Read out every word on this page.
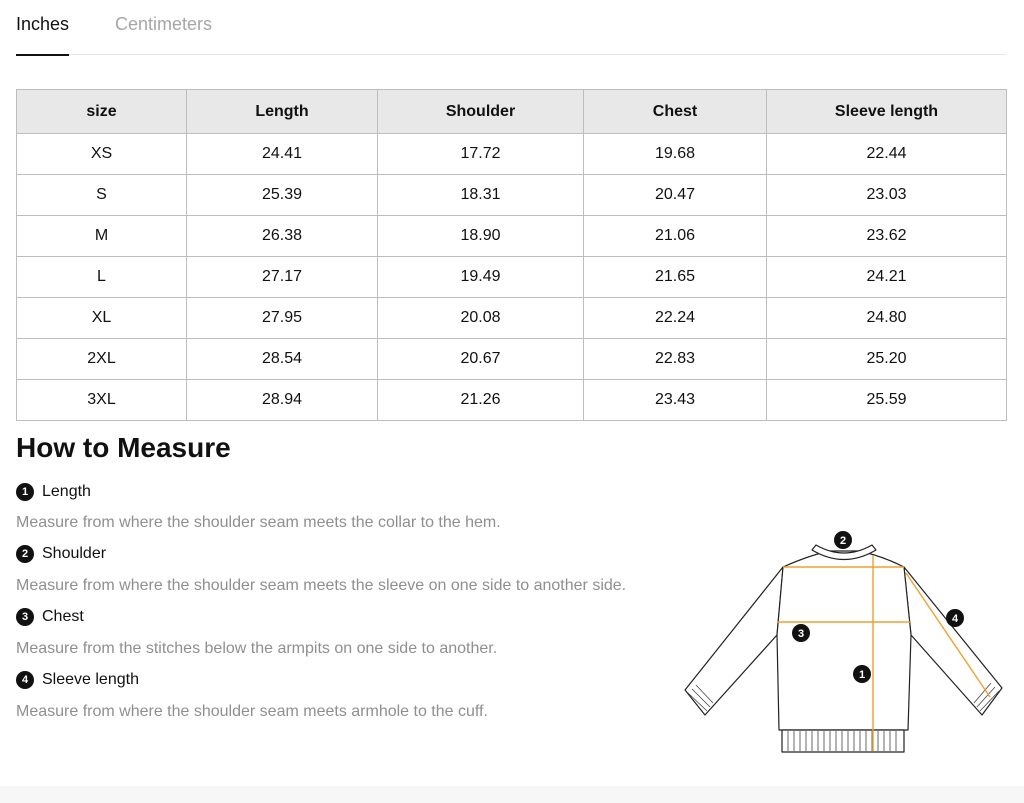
Inches	Centimeters
size	Length	Shoulder	Chest	Sleeve length
XS	24.41	17.72	19.68	22.44
S	25.39	18.31	20.47	23.03
M	26.38	18.90	21.06	23.62
L	27.17	19.49	21.65	24.21
XL	27.95	20.08	22.24	24.80
2XL	28.54	20.67	22.83	25.20
3XL	28.94	21.26	23.43	25.59
How to Measure
1 Length
Measure from where the shoulder seam meets the collar to the hem.
2 Shoulder
Measure from where the shoulder seam meets the sleeve on one side to another side.
3 Chest
Measure from the stitches below the armpits on one side to another.
4 Sleeve length
Measure from where the shoulder seam meets armhole to the cuff.
2
3
1
4
